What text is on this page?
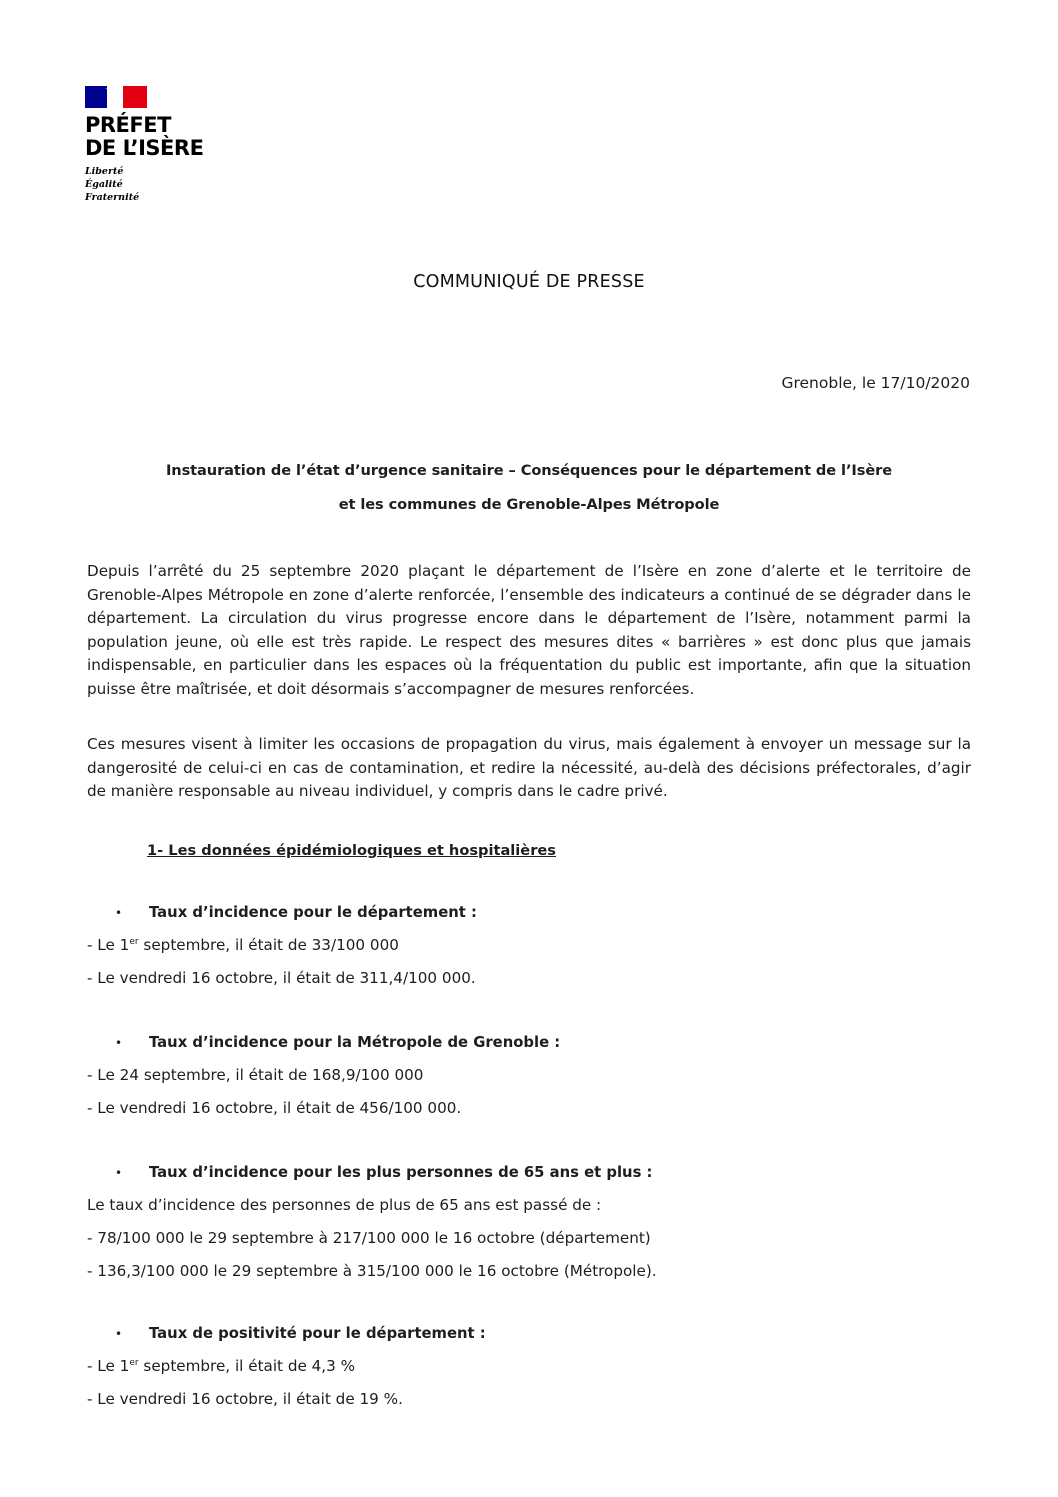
PRÉFET
DE L’ISÈRE
Liberté
Égalité
Fraternité
COMMUNIQUÉ DE PRESSE
Grenoble, le 17/10/2020
Instauration de l’état d’urgence sanitaire – Conséquences pour le département de l’Isère
et les communes de Grenoble-Alpes Métropole
Depuis l’arrêté du 25 septembre 2020 plaçant le département de l’Isère en zone d’alerte et le territoire de Grenoble-Alpes Métropole en zone d’alerte renforcée, l’ensemble des indicateurs a continué de se dégrader dans le département. La circulation du virus progresse encore dans le département de l’Isère, notamment parmi la population jeune, où elle est très rapide. Le respect des mesures dites « barrières » est donc plus que jamais indispensable, en particulier dans les espaces où la fréquentation du public est importante, afin que la situation puisse être maîtrisée, et doit désormais s’accompagner de mesures renforcées.
Ces mesures visent à limiter les occasions de propagation du virus, mais également à envoyer un message sur la dangerosité de celui-ci en cas de contamination, et redire la nécessité, au-delà des décisions préfectorales, d’agir de manière responsable au niveau individuel, y compris dans le cadre privé.
1- Les données épidémiologiques et hospitalières
• Taux d’incidence pour le département :
- Le 1er septembre, il était de 33/100 000
- Le vendredi 16 octobre, il était de 311,4/100 000.
• Taux d’incidence pour la Métropole de Grenoble :
- Le 24 septembre, il était de 168,9/100 000
- Le vendredi 16 octobre, il était de 456/100 000.
• Taux d’incidence pour les plus personnes de 65 ans et plus :
Le taux d’incidence des personnes de plus de 65 ans est passé de :
- 78/100 000 le 29 septembre à 217/100 000 le 16 octobre (département)
- 136,3/100 000 le 29 septembre à 315/100 000 le 16 octobre (Métropole).
• Taux de positivité pour le département :
- Le 1er septembre, il était de 4,3 %
- Le vendredi 16 octobre, il était de 19 %.
